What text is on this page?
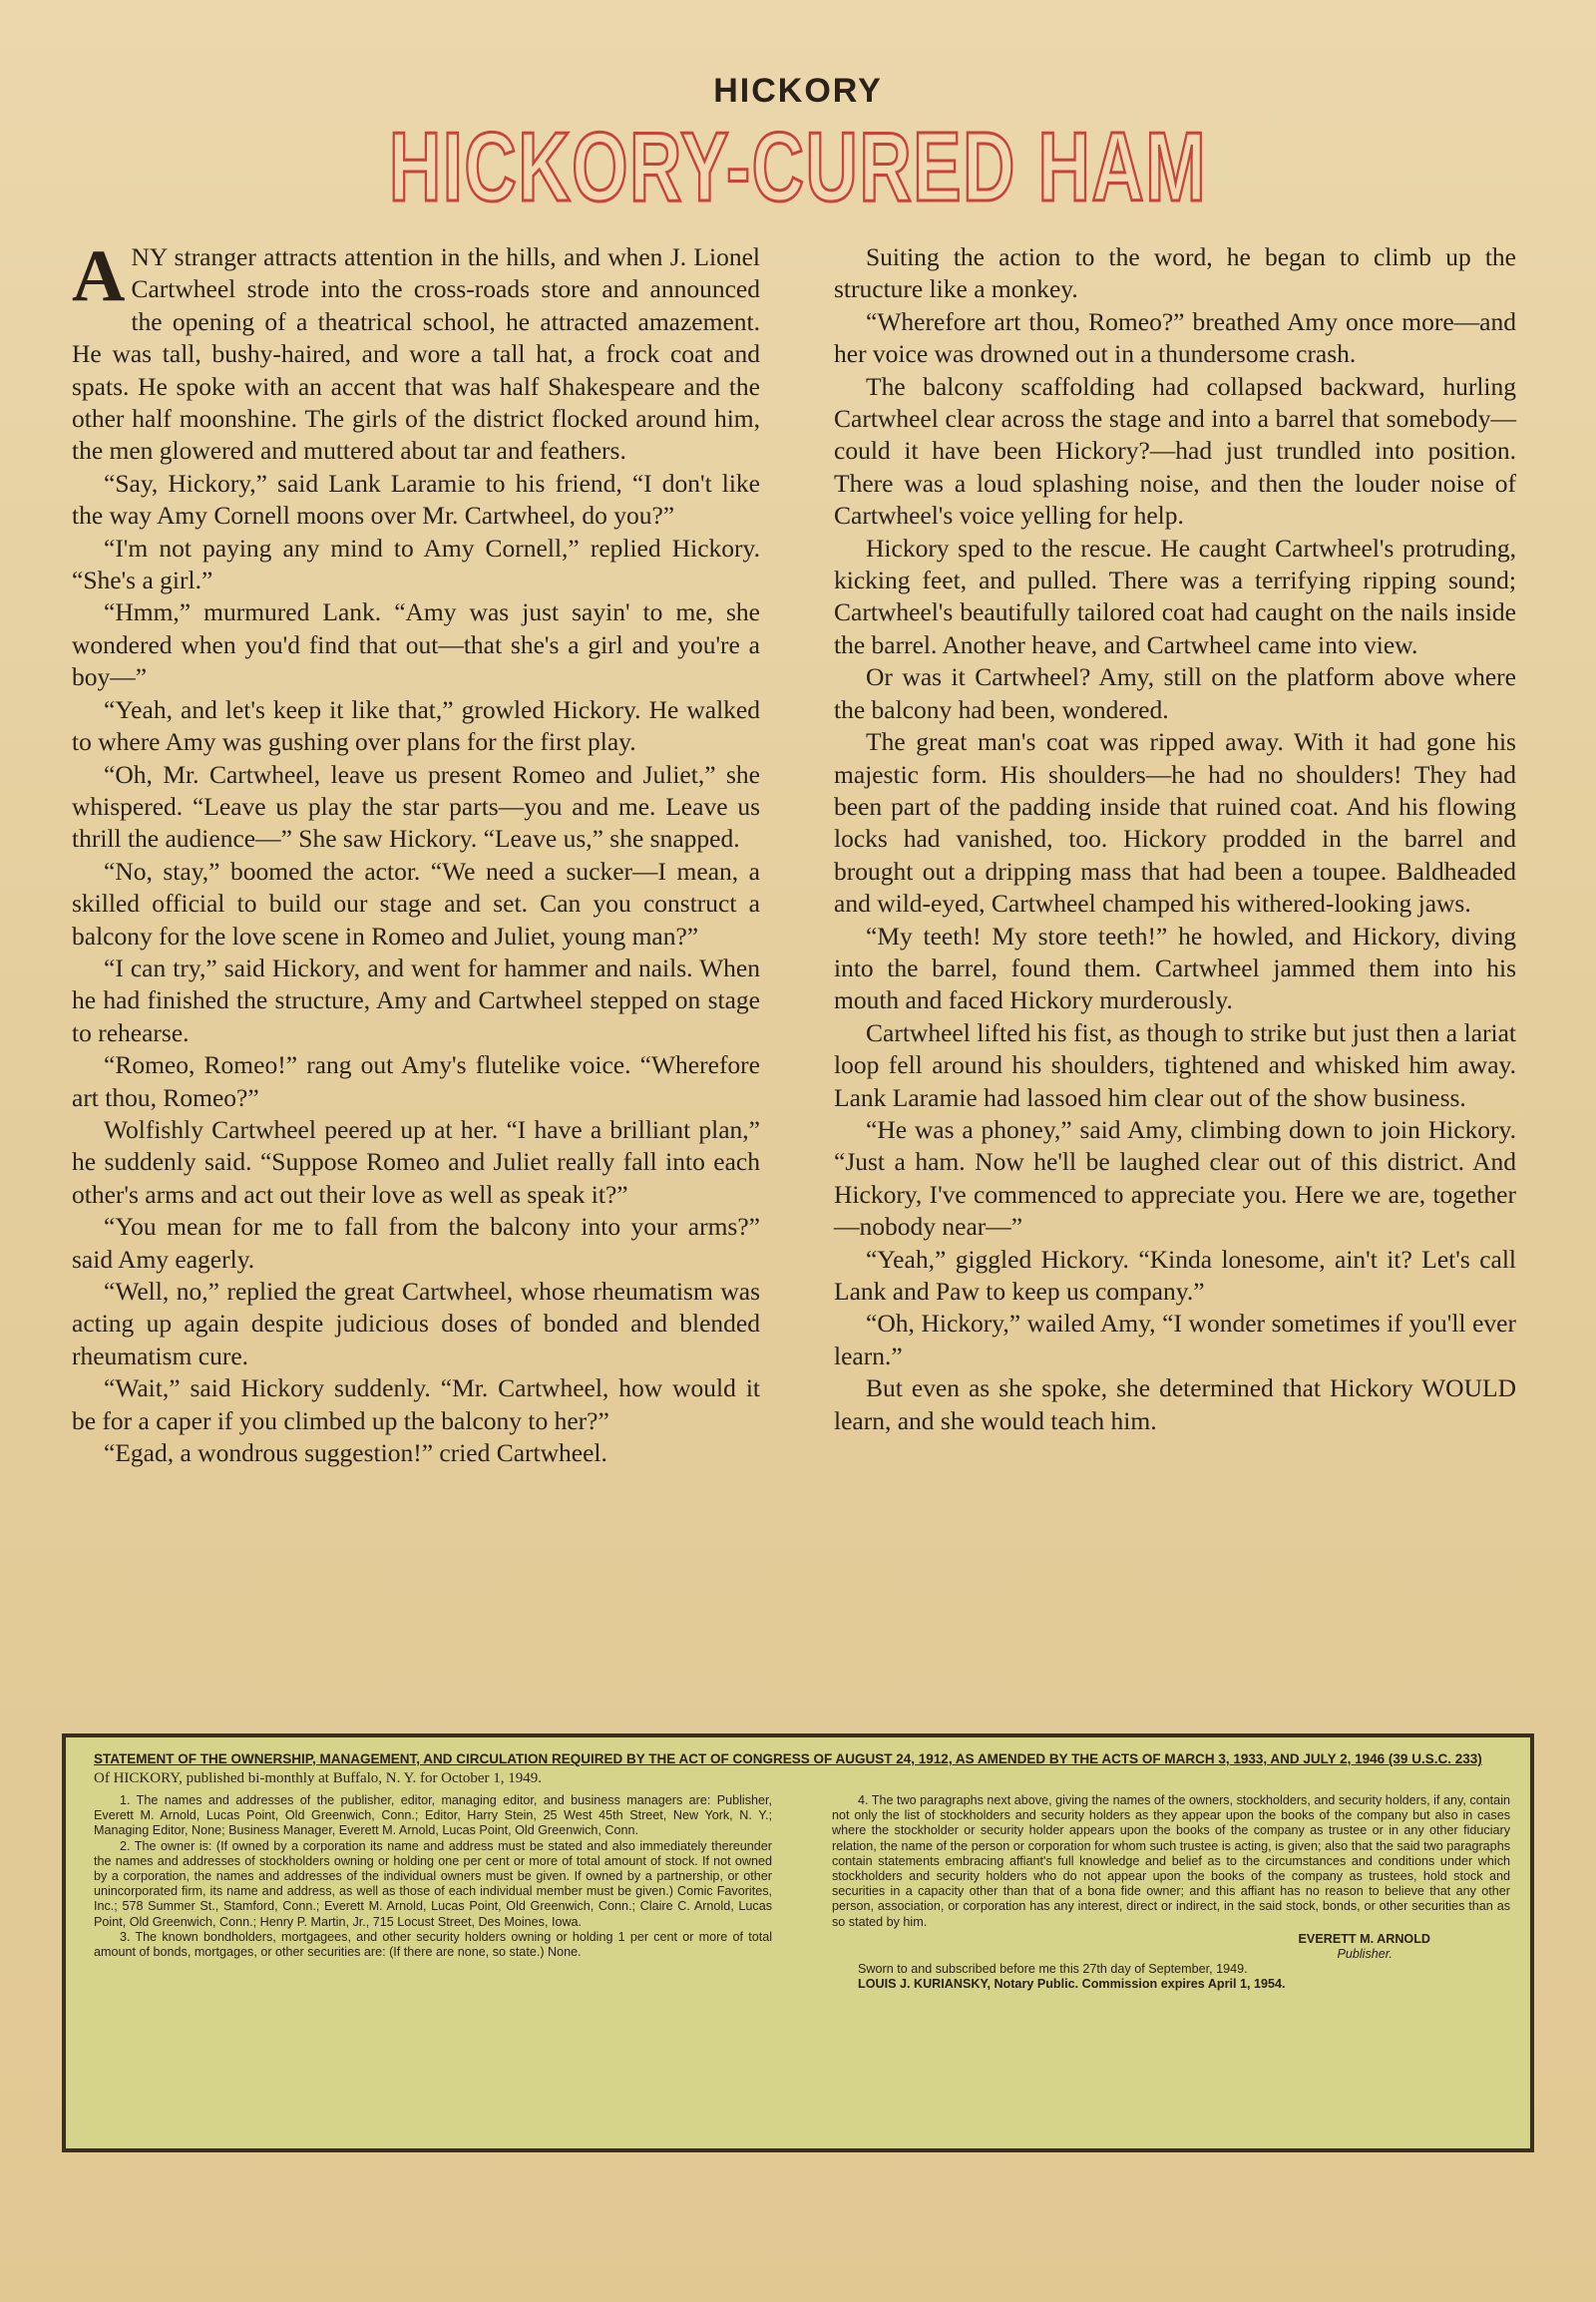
HICKORY
HICKORY-CURED HAM

ANY stranger attracts attention in the hills, and when J. Lionel Cartwheel strode into the cross-roads store and announced the opening of a theatrical school, he attracted amazement. He was tall, bushy-haired, and wore a tall hat, a frock coat and spats. He spoke with an accent that was half Shakespeare and the other half moonshine. The girls of the district flocked around him, the men glowered and muttered about tar and feathers.

“Say, Hickory,” said Lank Laramie to his friend, “I don't like the way Amy Cornell moons over Mr. Cartwheel, do you?”

“I'm not paying any mind to Amy Cornell,” replied Hickory. “She's a girl.”

“Hmm,” murmured Lank. “Amy was just sayin' to me, she wondered when you'd find that out—that she's a girl and you're a boy—”

“Yeah, and let's keep it like that,” growled Hickory. He walked to where Amy was gushing over plans for the first play.

“Oh, Mr. Cartwheel, leave us present Romeo and Juliet,” she whispered. “Leave us play the star parts—you and me. Leave us thrill the audience—” She saw Hickory. “Leave us,” she snapped.

“No, stay,” boomed the actor. “We need a sucker—I mean, a skilled official to build our stage and set. Can you construct a balcony for the love scene in Romeo and Juliet, young man?”

“I can try,” said Hickory, and went for hammer and nails. When he had finished the structure, Amy and Cartwheel stepped on stage to rehearse.

“Romeo, Romeo!” rang out Amy's flutelike voice. “Wherefore art thou, Romeo?”

Wolfishly Cartwheel peered up at her. “I have a brilliant plan,” he suddenly said. “Suppose Romeo and Juliet really fall into each other's arms and act out their love as well as speak it?”

“You mean for me to fall from the balcony into your arms?” said Amy eagerly.

“Well, no,” replied the great Cartwheel, whose rheumatism was acting up again despite judicious doses of bonded and blended rheumatism cure.

“Wait,” said Hickory suddenly. “Mr. Cartwheel, how would it be for a caper if you climbed up the balcony to her?”

“Egad, a wondrous suggestion!” cried Cartwheel.

Suiting the action to the word, he began to climb up the structure like a monkey.

“Wherefore art thou, Romeo?” breathed Amy once more—and her voice was drowned out in a thundersome crash.

The balcony scaffolding had collapsed backward, hurling Cartwheel clear across the stage and into a barrel that somebody—could it have been Hickory?—had just trundled into position. There was a loud splashing noise, and then the louder noise of Cartwheel's voice yelling for help.

Hickory sped to the rescue. He caught Cartwheel's protruding, kicking feet, and pulled. There was a terrifying ripping sound; Cartwheel's beautifully tailored coat had caught on the nails inside the barrel. Another heave, and Cartwheel came into view.

Or was it Cartwheel? Amy, still on the platform above where the balcony had been, wondered.

The great man's coat was ripped away. With it had gone his majestic form. His shoulders—he had no shoulders! They had been part of the padding inside that ruined coat. And his flowing locks had vanished, too. Hickory prodded in the barrel and brought out a dripping mass that had been a toupee. Baldheaded and wild-eyed, Cartwheel champed his withered-looking jaws.

“My teeth! My store teeth!” he howled, and Hickory, diving into the barrel, found them. Cartwheel jammed them into his mouth and faced Hickory murderously.

Cartwheel lifted his fist, as though to strike but just then a lariat loop fell around his shoulders, tightened and whisked him away. Lank Laramie had lassoed him clear out of the show business.

“He was a phoney,” said Amy, climbing down to join Hickory. “Just a ham. Now he'll be laughed clear out of this district. And Hickory, I've commenced to appreciate you. Here we are, together—nobody near—”

“Yeah,” giggled Hickory. “Kinda lonesome, ain't it? Let's call Lank and Paw to keep us company.”

“Oh, Hickory,” wailed Amy, “I wonder sometimes if you'll ever learn.”

But even as she spoke, she determined that Hickory WOULD learn, and she would teach him.

STATEMENT OF THE OWNERSHIP, MANAGEMENT, AND CIRCULATION REQUIRED BY THE ACT OF CONGRESS OF AUGUST 24, 1912, AS AMENDED BY THE ACTS OF MARCH 3, 1933, AND JULY 2, 1946 (39 U.S.C. 233)

Of HICKORY, published bi-monthly at Buffalo, N. Y. for October 1, 1949.

1. The names and addresses of the publisher, editor, managing editor, and business managers are: Publisher, Everett M. Arnold, Lucas Point, Old Greenwich, Conn.; Editor, Harry Stein, 25 West 45th Street, New York, N. Y.; Managing Editor, None; Business Manager, Everett M. Arnold, Lucas Point, Old Greenwich, Conn.

2. The owner is: (If owned by a corporation its name and address must be stated and also immediately thereunder the names and addresses of stockholders owning or holding one per cent or more of total amount of stock. If not owned by a corporation, the names and addresses of the individual owners must be given. If owned by a partnership, or other unincorporated firm, its name and address, as well as those of each individual member must be given.) Comic Favorites, Inc.; 578 Summer St., Stamford, Conn.; Everett M. Arnold, Lucas Point, Old Greenwich, Conn.; Claire C. Arnold, Lucas Point, Old Greenwich, Conn.; Henry P. Martin, Jr., 715 Locust Street, Des Moines, Iowa.

3. The known bondholders, mortgagees, and other security holders owning or holding 1 per cent or more of total amount of bonds, mortgages, or other securities are: (If there are none, so state.) None.

4. The two paragraphs next above, giving the names of the owners, stockholders, and security holders, if any, contain not only the list of stockholders and security holders as they appear upon the books of the company but also in cases where the stockholder or security holder appears upon the books of the company as trustee or in any other fiduciary relation, the name of the person or corporation for whom such trustee is acting, is given; also that the said two paragraphs contain statements embracing affiant's full knowledge and belief as to the circumstances and conditions under which stockholders and security holders who do not appear upon the books of the company as trustees, hold stock and securities in a capacity other than that of a bona fide owner; and this affiant has no reason to believe that any other person, association, or corporation has any interest, direct or indirect, in the said stock, bonds, or other securities than as so stated by him.

EVERETT M. ARNOLD
Publisher.

Sworn to and subscribed before me this 27th day of September, 1949.

LOUIS J. KURIANSKY, Notary Public. Commission expires April 1, 1954.
